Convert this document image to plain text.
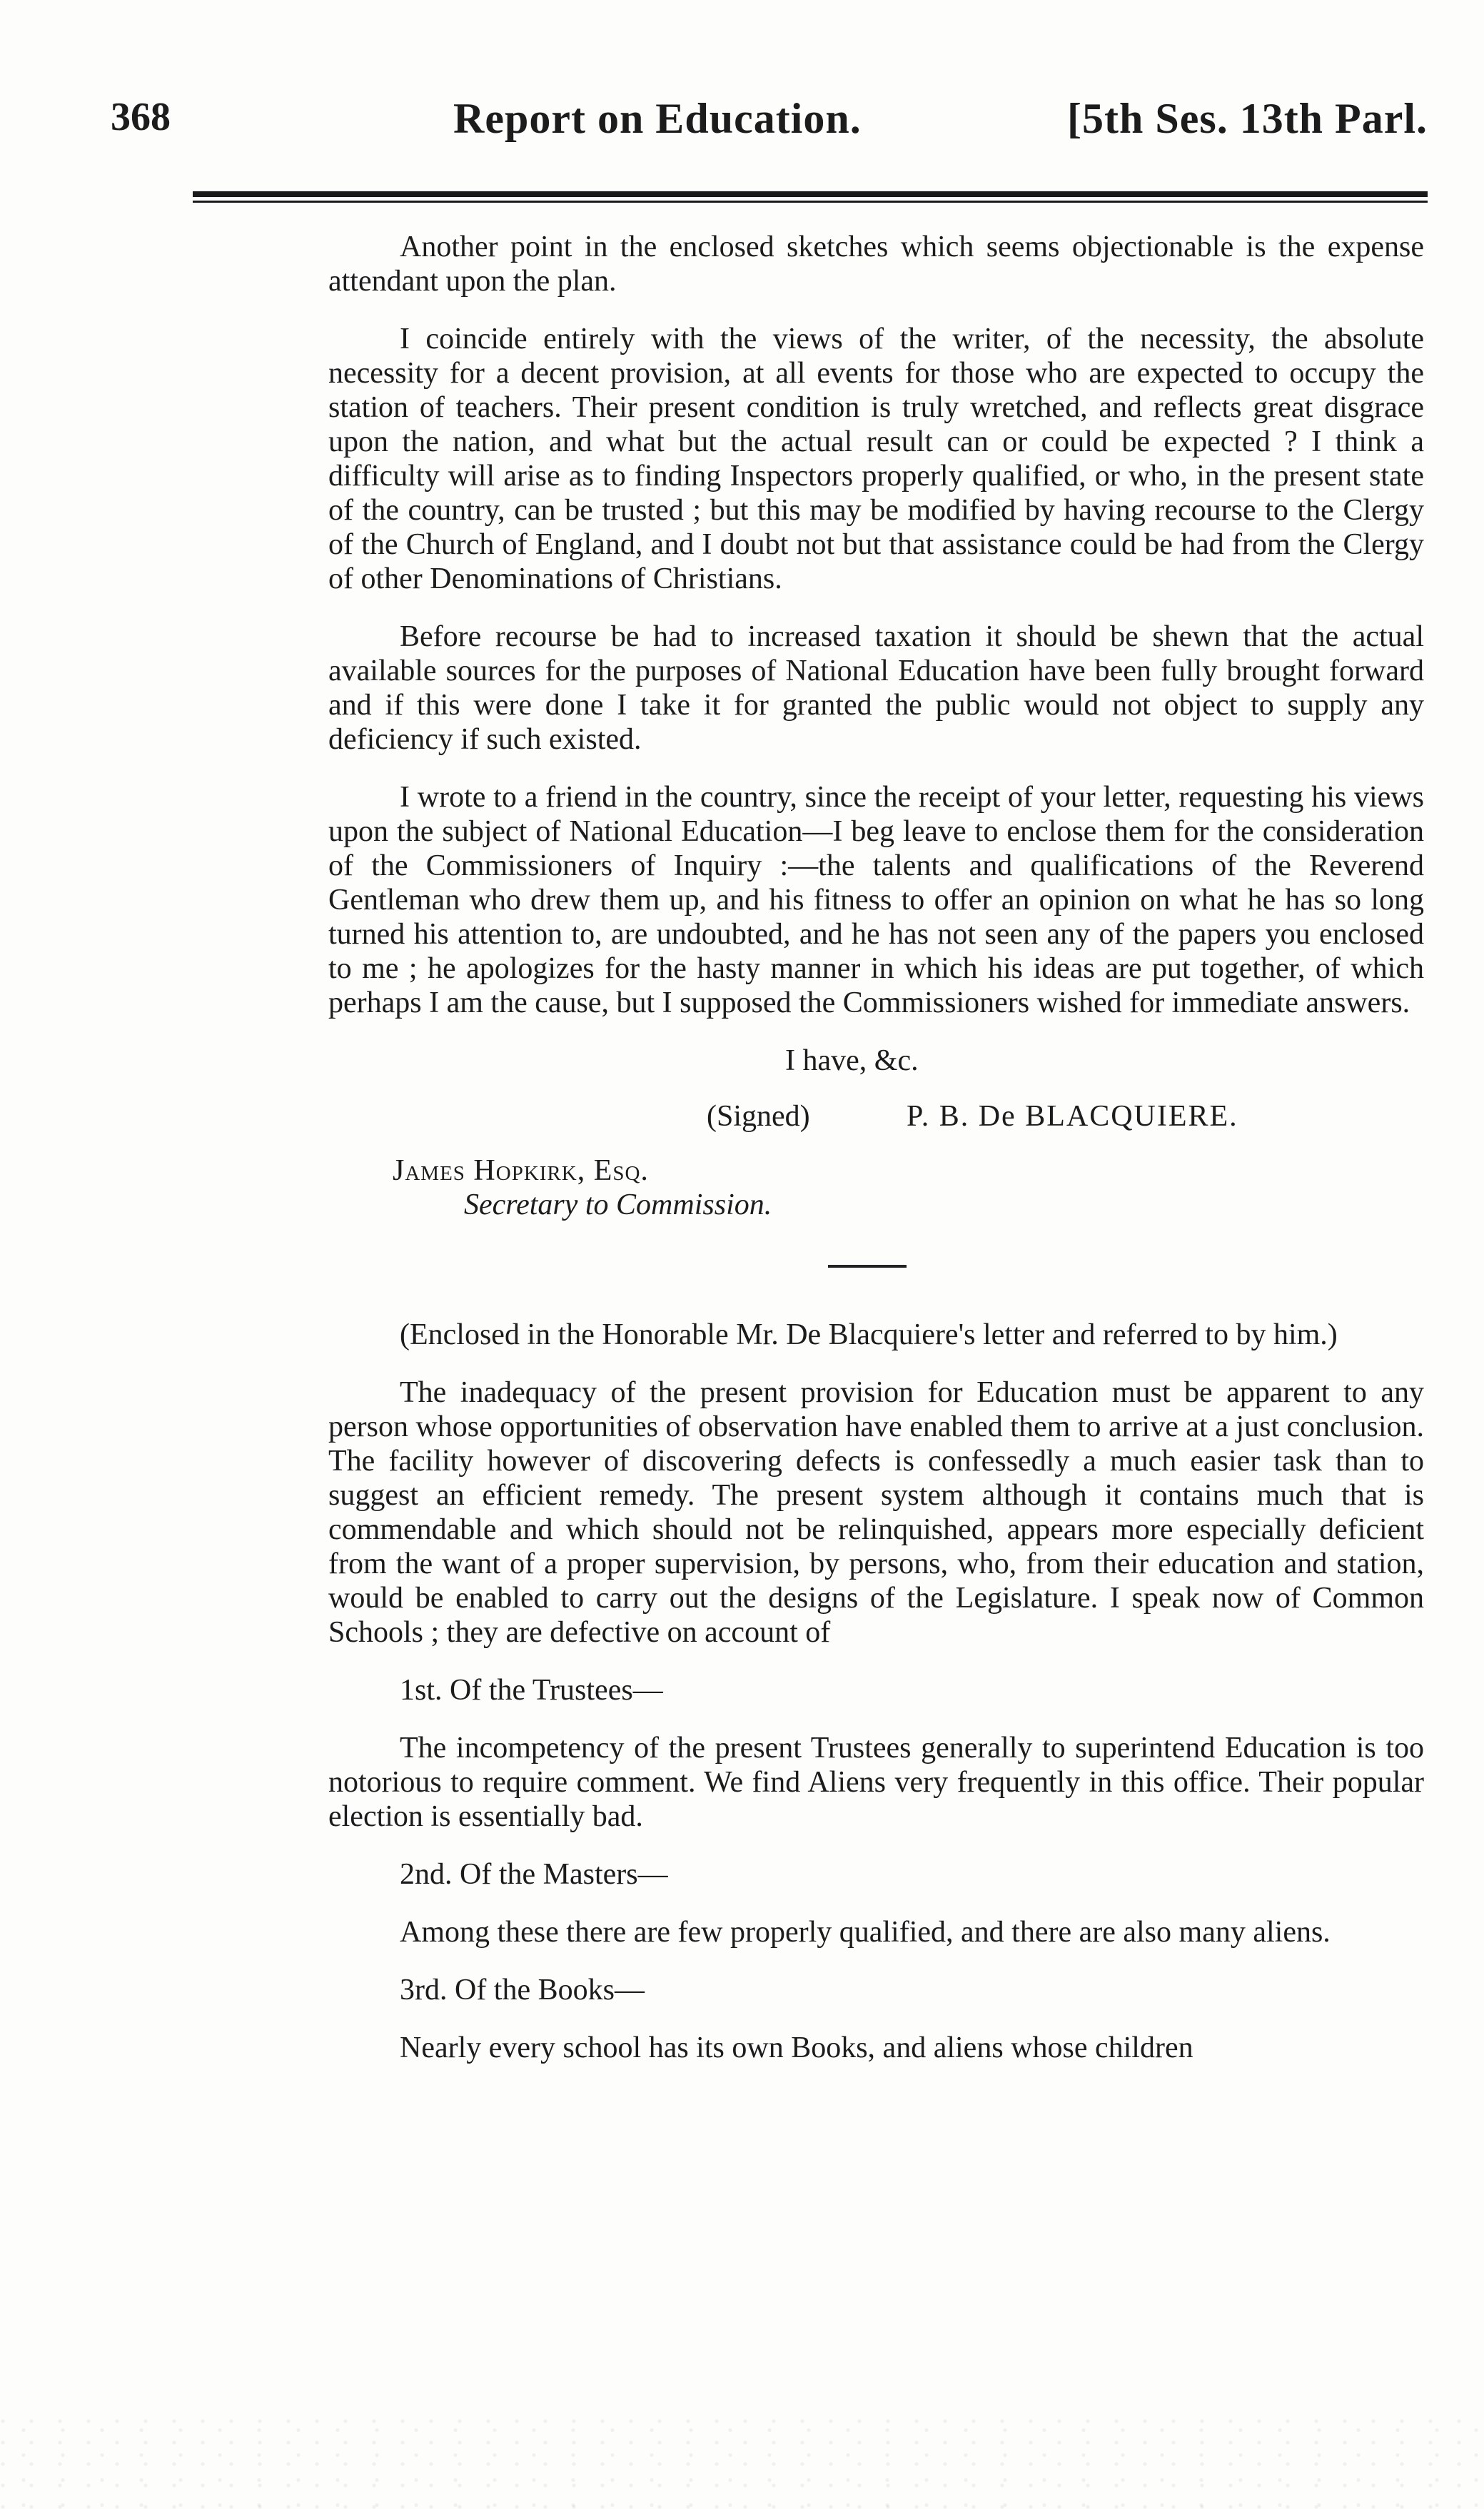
368	Report on Education.	[5th Ses. 13th Parl.

Another point in the enclosed sketches which seems objectionable is the expense attendant upon the plan.

I coincide entirely with the views of the writer, of the necessity, the absolute necessity for a decent provision, at all events for those who are expected to occupy the station of teachers. Their present condition is truly wretched, and reflects great disgrace upon the nation, and what but the actual result can or could be expected ? I think a difficulty will arise as to finding Inspectors properly qualified, or who, in the present state of the country, can be trusted ; but this may be modified by having recourse to the Clergy of the Church of England, and I doubt not but that assistance could be had from the Clergy of other Denominations of Christians.

Before recourse be had to increased taxation it should be shewn that the actual available sources for the purposes of National Education have been fully brought forward and if this were done I take it for granted the public would not object to supply any deficiency if such existed.

I wrote to a friend in the country, since the receipt of your letter, requesting his views upon the subject of National Education—I beg leave to enclose them for the consideration of the Commissioners of Inquiry :—the talents and qualifications of the Reverend Gentleman who drew them up, and his fitness to offer an opinion on what he has so long turned his attention to, are undoubted, and he has not seen any of the papers you enclosed to me ; he apologizes for the hasty manner in which his ideas are put together, of which perhaps I am the cause, but I supposed the Commissioners wished for immediate answers.

I have, &c.

(Signed)	P. B. De BLACQUIERE.

James Hopkirk, Esq.

Secretary to Commission.

(Enclosed in the Honorable Mr. De Blacquiere's letter and referred to by him.)

The inadequacy of the present provision for Education must be apparent to any person whose opportunities of observation have enabled them to arrive at a just conclusion. The facility however of discovering defects is confessedly a much easier task than to suggest an efficient remedy. The present system although it contains much that is commendable and which should not be relinquished, appears more especially deficient from the want of a proper supervision, by persons, who, from their education and station, would be enabled to carry out the designs of the Legislature. I speak now of Common Schools ; they are defective on account of

1st. Of the Trustees—

The incompetency of the present Trustees generally to superintend Education is too notorious to require comment. We find Aliens very frequently in this office. Their popular election is essentially bad.

2nd. Of the Masters—

Among these there are few properly qualified, and there are also many aliens.

3rd. Of the Books—

Nearly every school has its own Books, and aliens whose children
